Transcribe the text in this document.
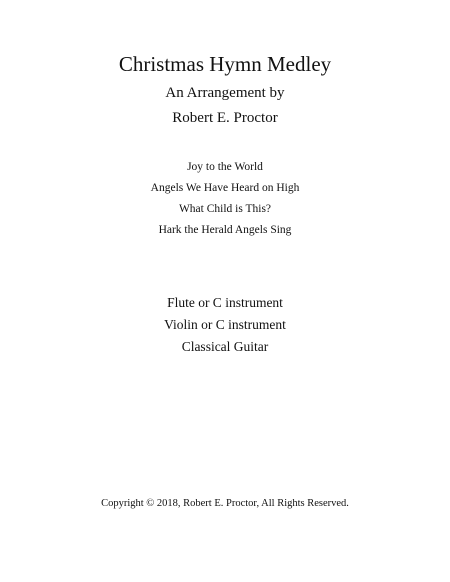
Christmas Hymn Medley
An Arrangement by
Robert E. Proctor
Joy to the World
Angels We Have Heard on High
What Child is This?
Hark the Herald Angels Sing
Flute or C instrument
Violin or C instrument
Classical Guitar
Copyright © 2018, Robert E. Proctor, All Rights Reserved.
